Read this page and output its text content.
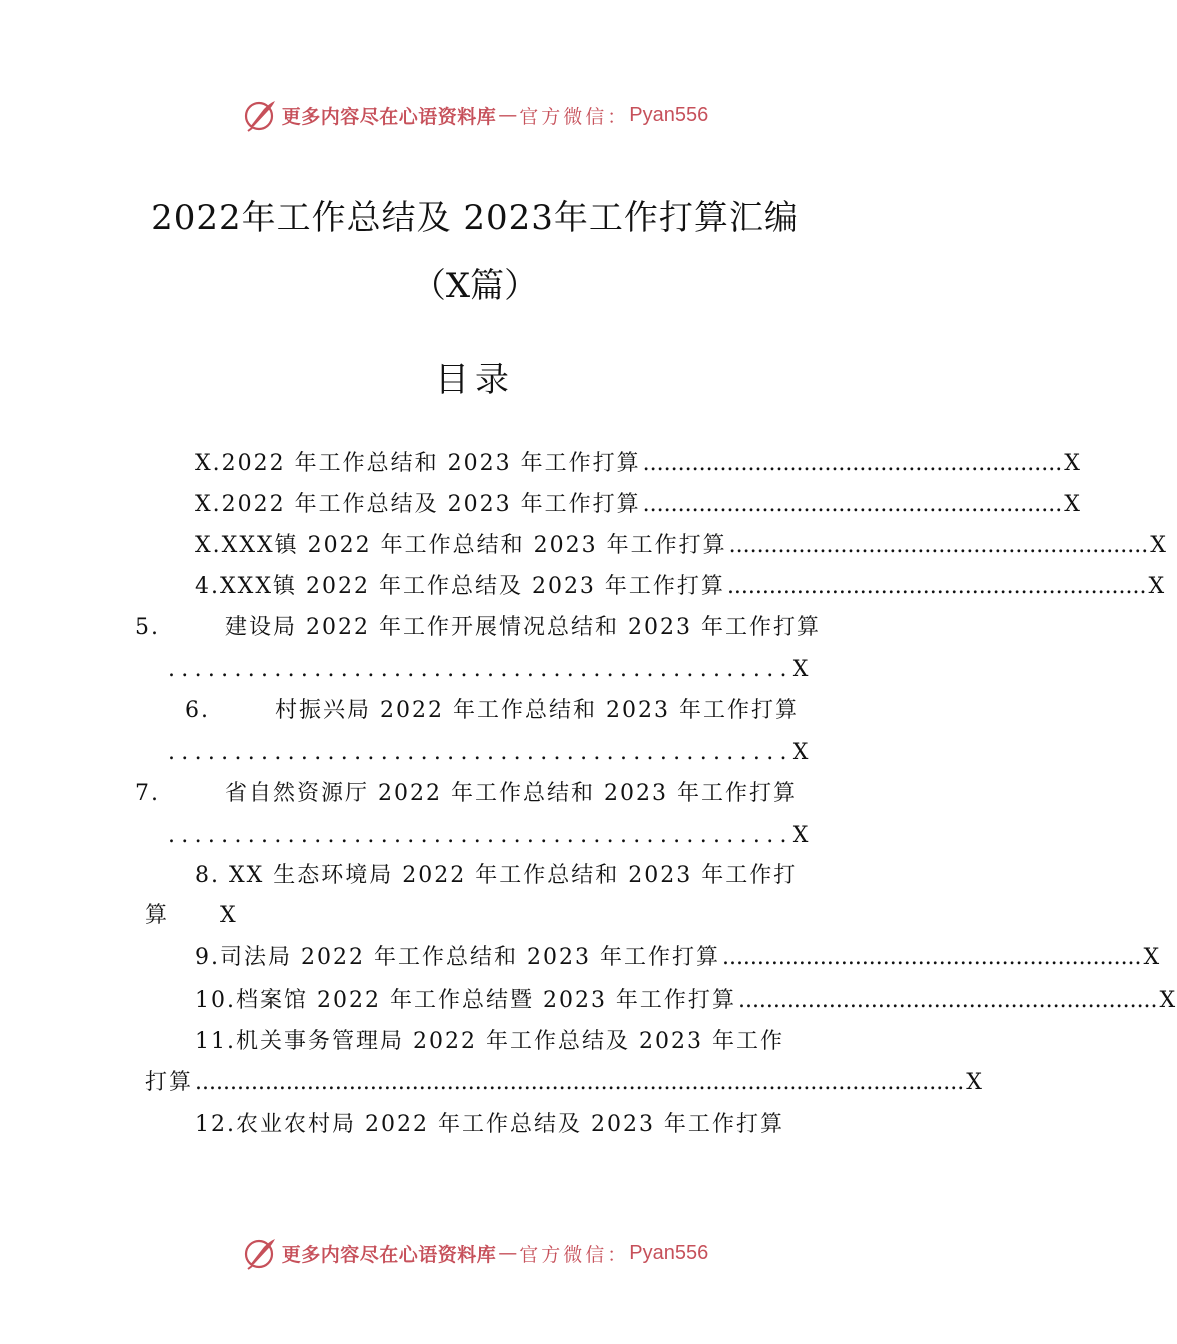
更多内容尽在心语资料库 — 官方微信： Pyan556
2022年工作总结及 2023年工作打算汇编
（X篇）
目录
X.2022 年工作总结和 2023 年工作打算 ............................................................ X
X.2022 年工作总结及 2023 年工作打算 ............................................................ X
X.XXX镇 2022 年工作总结和 2023 年工作打算 ............................................................ X
4.XXX镇 2022 年工作总结及 2023 年工作打算 ............................................................ X
5.	建设局 2022 年工作开展情况总结和 2023 年工作打算
............................................... X
6.	村振兴局 2022 年工作总结和 2023 年工作打算
............................................... X
7.	省自然资源厅 2022 年工作总结和 2023 年工作打算
............................................... X
8. XX 生态环境局 2022 年工作总结和 2023 年工作打
算 X
9.司法局 2022 年工作总结和 2023 年工作打算 ............................................................ X
10.档案馆 2022 年工作总结暨 2023 年工作打算 ............................................................ X
11.机关事务管理局 2022 年工作总结及 2023 年工作
打算 .............................................................................................................. X
12.农业农村局 2022 年工作总结及 2023 年工作打算
更多内容尽在心语资料库 — 官方微信： Pyan556
